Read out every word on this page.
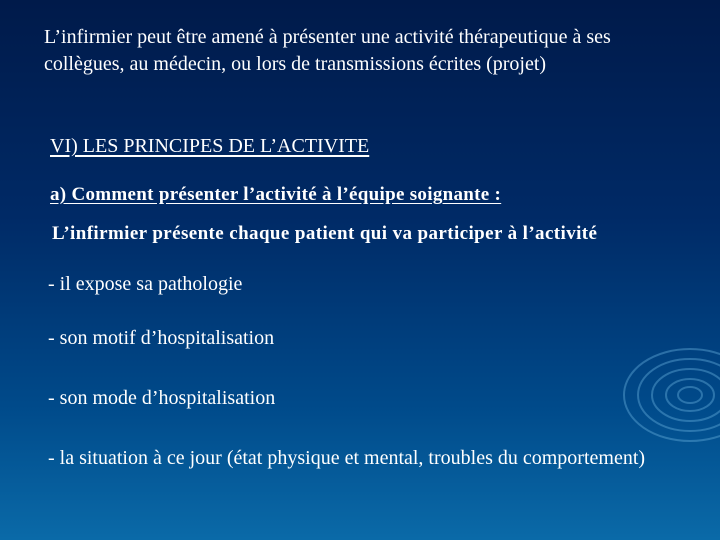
L’infirmier peut être amené à présenter une activité thérapeutique à ses collègues, au médecin, ou lors de transmissions écrites (projet)
VI) LES PRINCIPES DE L’ACTIVITE
a) Comment présenter l’activité à l’équipe soignante :
L’infirmier présente chaque patient qui va participer à l’activité
- il expose sa pathologie
- son motif d’hospitalisation
- son mode d’hospitalisation
- la situation à ce jour (état physique et mental, troubles du comportement)
